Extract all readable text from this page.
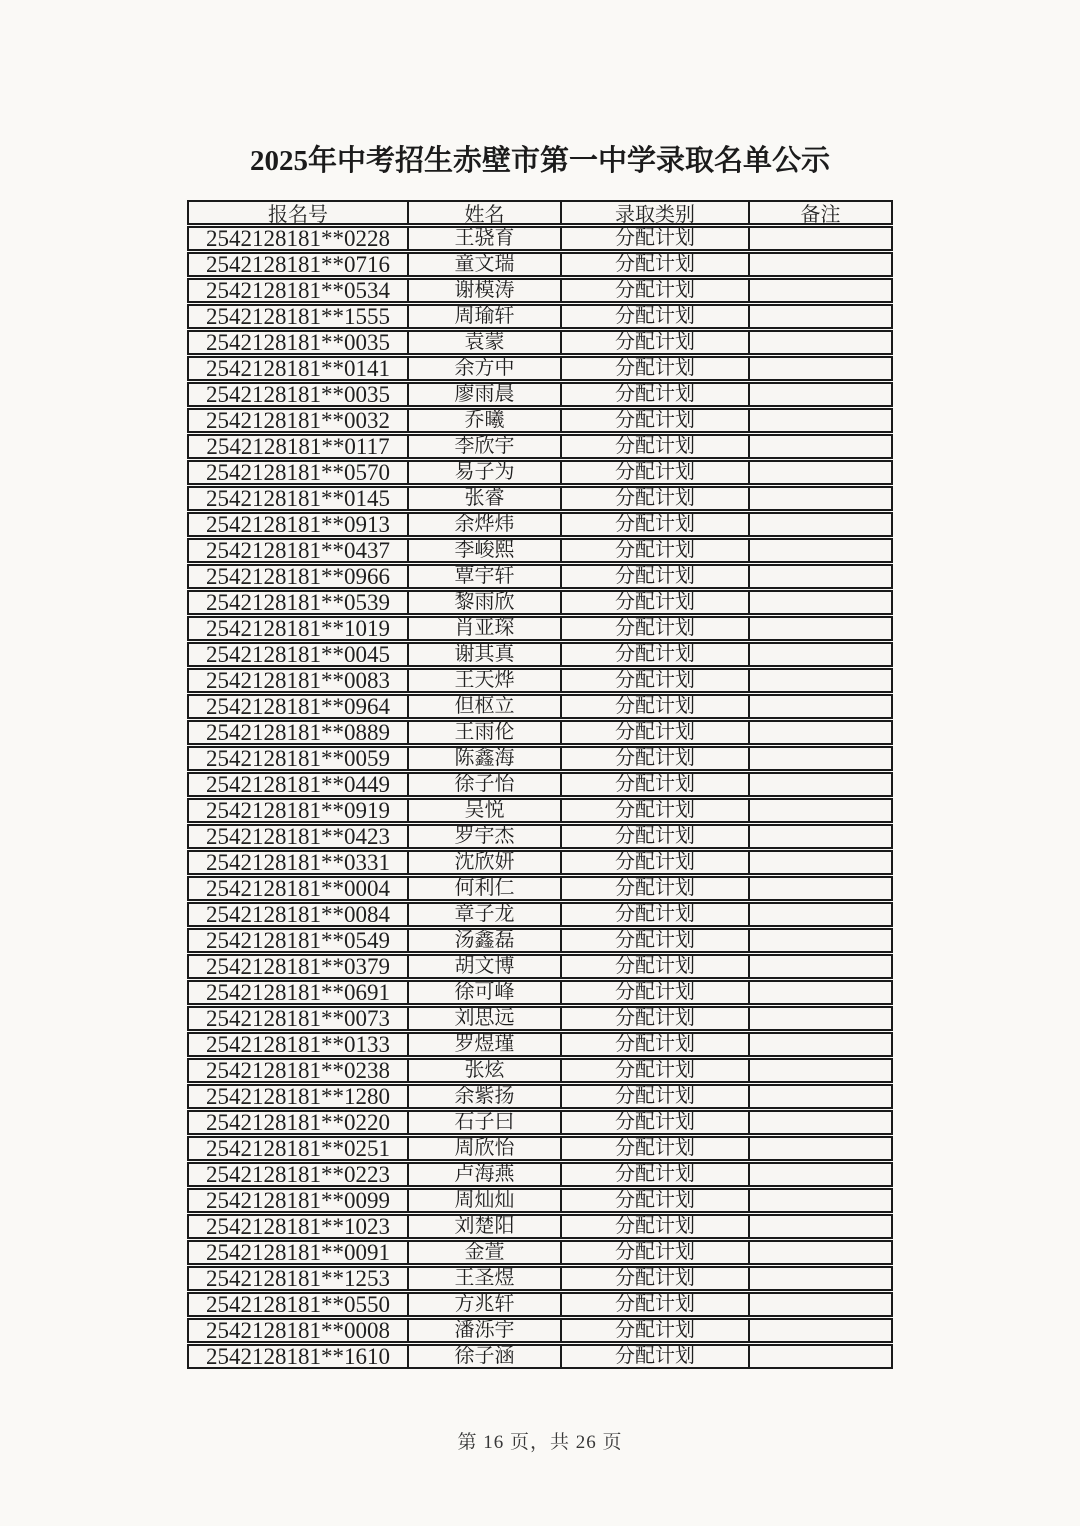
2025年中考招生赤壁市第一中学录取名单公示
报名号	姓名	录取类别	备注
2542128181**0228	王骁育	分配计划
2542128181**0716	童文瑞	分配计划
2542128181**0534	谢模涛	分配计划
2542128181**1555	周瑜轩	分配计划
2542128181**0035	袁蒙	分配计划
2542128181**0141	余方中	分配计划
2542128181**0035	廖雨晨	分配计划
2542128181**0032	乔曦	分配计划
2542128181**0117	李欣宇	分配计划
2542128181**0570	易子为	分配计划
2542128181**0145	张睿	分配计划
2542128181**0913	余烨炜	分配计划
2542128181**0437	李峻熙	分配计划
2542128181**0966	覃宇轩	分配计划
2542128181**0539	黎雨欣	分配计划
2542128181**1019	肖亚琛	分配计划
2542128181**0045	谢其真	分配计划
2542128181**0083	王天烨	分配计划
2542128181**0964	但枢立	分配计划
2542128181**0889	王雨伦	分配计划
2542128181**0059	陈鑫海	分配计划
2542128181**0449	徐子怡	分配计划
2542128181**0919	吴悦	分配计划
2542128181**0423	罗宇杰	分配计划
2542128181**0331	沈欣妍	分配计划
2542128181**0004	何利仁	分配计划
2542128181**0084	章子龙	分配计划
2542128181**0549	汤鑫磊	分配计划
2542128181**0379	胡文博	分配计划
2542128181**0691	徐可峰	分配计划
2542128181**0073	刘思远	分配计划
2542128181**0133	罗煜瑾	分配计划
2542128181**0238	张炫	分配计划
2542128181**1280	余紫扬	分配计划
2542128181**0220	石子曰	分配计划
2542128181**0251	周欣怡	分配计划
2542128181**0223	卢海燕	分配计划
2542128181**0099	周灿灿	分配计划
2542128181**1023	刘楚阳	分配计划
2542128181**0091	金萱	分配计划
2542128181**1253	王圣煜	分配计划
2542128181**0550	方兆轩	分配计划
2542128181**0008	潘泺宇	分配计划
2542128181**1610	徐子涵	分配计划
第 16 页，共 26 页
